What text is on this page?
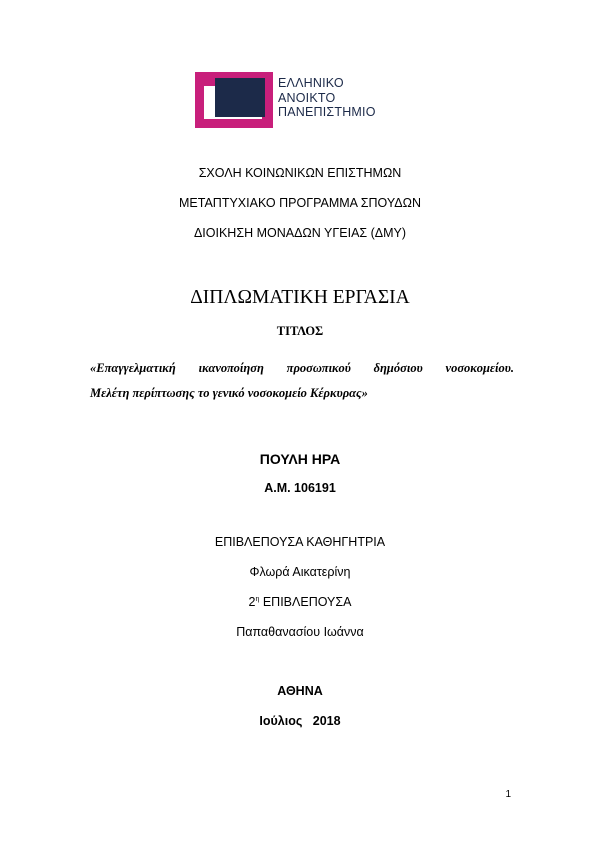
ΕΛΛΗΝΙΚΟ
ΑΝΟΙΚΤΟ
ΠΑΝΕΠΙΣΤΗΜΙΟ
ΣΧΟΛΗ ΚΟΙΝΩΝΙΚΩΝ ΕΠΙΣΤΗΜΩΝ
ΜΕΤΑΠΤΥΧΙΑΚΟ ΠΡΟΓΡΑΜΜΑ ΣΠΟΥΔΩΝ
ΔΙΟΙΚΗΣΗ ΜΟΝΑΔΩΝ ΥΓΕΙΑΣ (ΔΜΥ)
ΔΙΠΛΩΜΑΤΙΚΗ ΕΡΓΑΣΙΑ
ΤΙΤΛΟΣ
«Επαγγελματική ικανοποίηση προσωπικού δημόσιου νοσοκομείου.
Μελέτη περίπτωσης το γενικό νοσοκομείο Κέρκυρας»
ΠΟΥΛΗ ΗΡΑ
Α.Μ. 106191
ΕΠΙΒΛΕΠΟΥΣΑ ΚΑΘΗΓΗΤΡΙΑ
Φλωρά Αικατερίνη
$2^\eta$ ΕΠΙΒΛΕΠΟΥΣΑ
Παπαθανασίου Ιωάννα
ΑΘΗΝΑ
Ιούλιος   2018
1
